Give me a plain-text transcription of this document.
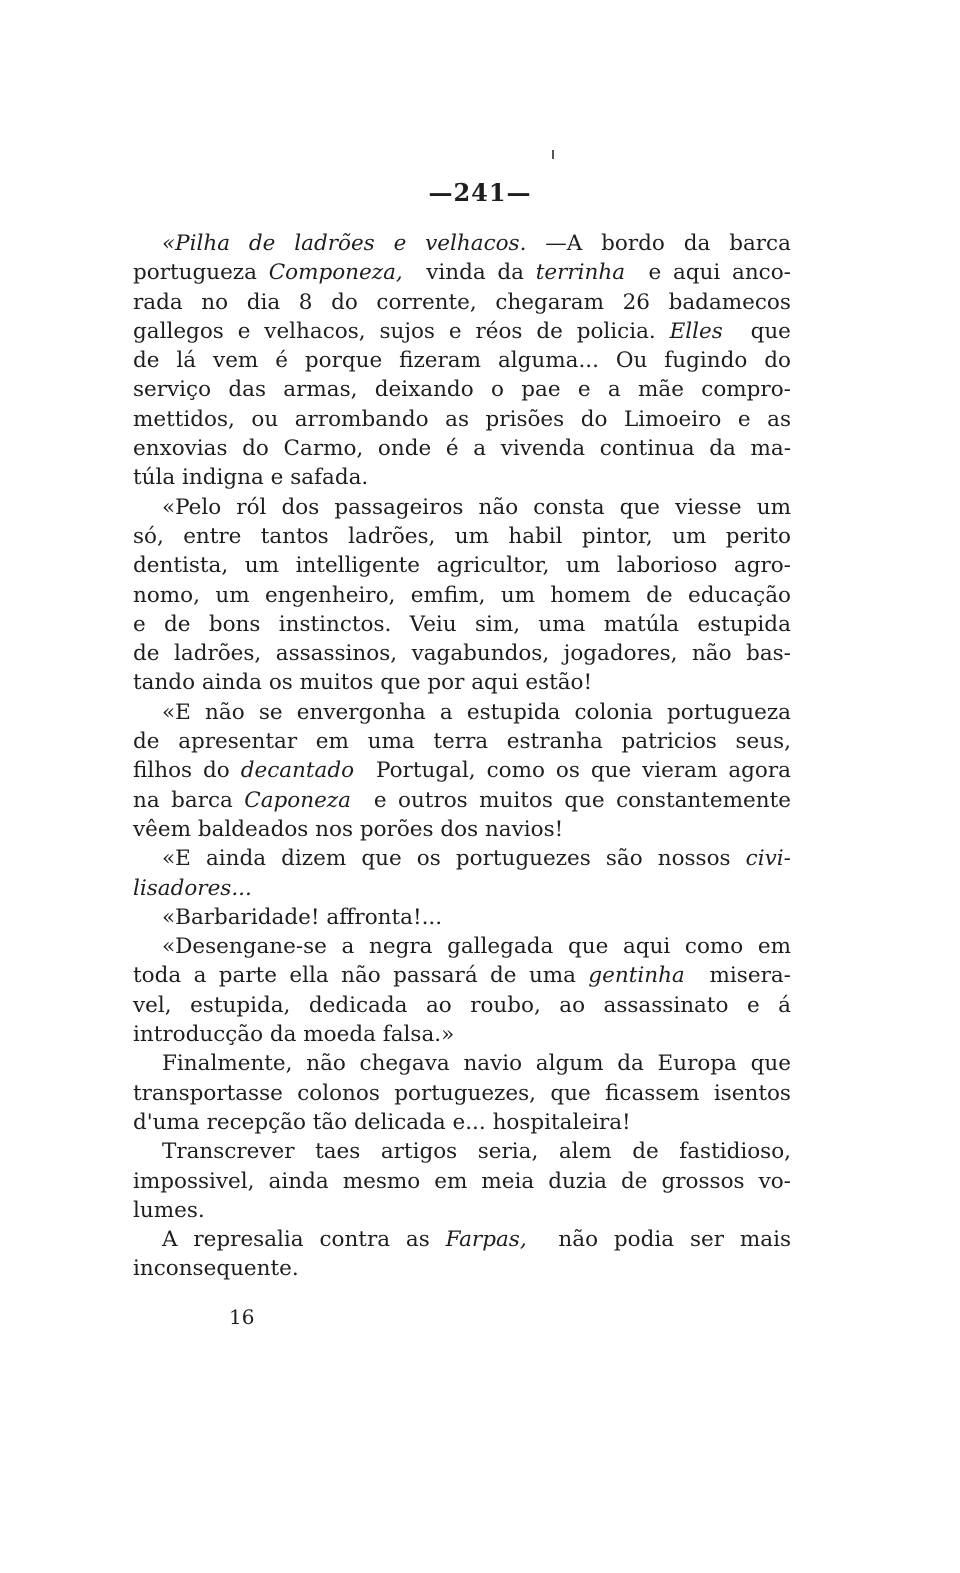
—241—
«Pilha de ladrões e velhacos. —A bordo da barca
portugueza Componeza, vinda da terrinha e aqui anco-
rada no dia 8 do corrente, chegaram 26 badamecos
gallegos e velhacos, sujos e réos de policia. Elles que
de lá vem é porque fizeram alguma... Ou fugindo do
serviço das armas, deixando o pae e a mãe compro-
mettidos, ou arrombando as prisões do Limoeiro e as
enxovias do Carmo, onde é a vivenda continua da ma-
túla indigna e safada.
«Pelo ról dos passageiros não consta que viesse um
só, entre tantos ladrões, um habil pintor, um perito
dentista, um intelligente agricultor, um laborioso agro-
nomo, um engenheiro, emfim, um homem de educação
e de bons instinctos. Veiu sim, uma matúla estupida
de ladrões, assassinos, vagabundos, jogadores, não bas-
tando ainda os muitos que por aqui estão!
«E não se envergonha a estupida colonia portugueza
de apresentar em uma terra estranha patricios seus,
filhos do decantado Portugal, como os que vieram agora
na barca Caponeza e outros muitos que constantemente
vêem baldeados nos porões dos navios!
«E ainda dizem que os portuguezes são nossos civi-
lisadores...
«Barbaridade! affronta!...
«Desengane-se a negra gallegada que aqui como em
toda a parte ella não passará de uma gentinha misera-
vel, estupida, dedicada ao roubo, ao assassinato e á
introducção da moeda falsa.»
Finalmente, não chegava navio algum da Europa que
transportasse colonos portuguezes, que ficassem isentos
d'uma recepção tão delicada e... hospitaleira!
Transcrever taes artigos seria, alem de fastidioso,
impossivel, ainda mesmo em meia duzia de grossos vo-
lumes.
A represalia contra as Farpas, não podia ser mais
inconsequente.
16
